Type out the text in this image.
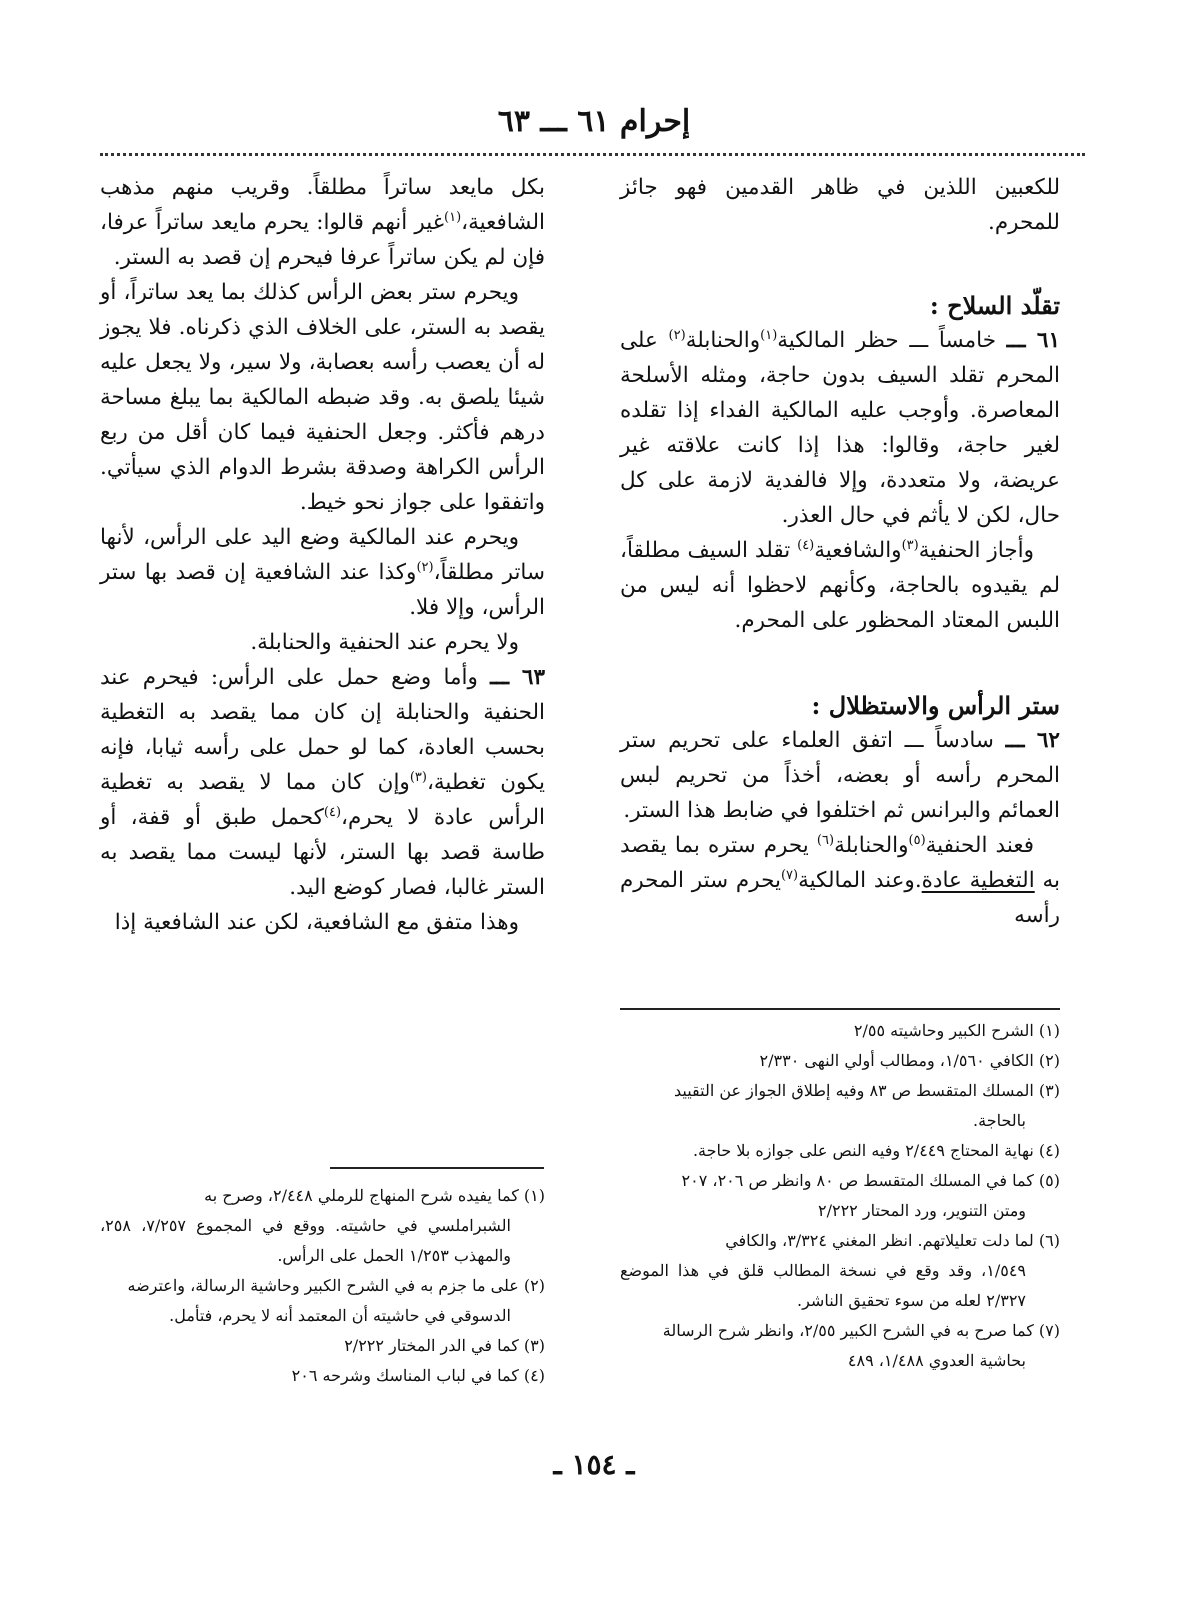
إحرام ٦١ ـــ ٦٣

للكعبين اللذين في ظاهر القدمين فهو جائز للمحرم.

تقلّد السلاح :

٦١ ـــ خامساً ـــ حظر المالكية$^{(١)}$والحنابلة$^{(٢)}$ على المحرم تقلد السيف بدون حاجة، ومثله الأسلحة المعاصرة. وأوجب عليه المالكية الفداء إذا تقلده لغير حاجة، وقالوا: هذا إذا كانت علاقته غير عريضة، ولا متعددة، وإلا فالفدية لازمة على كل حال، لكن لا يأثم في حال العذر.

وأجاز الحنفية$^{(٣)}$والشافعية$^{(٤)}$ تقلد السيف مطلقاً، لم يقيدوه بالحاجة، وكأنهم لاحظوا أنه ليس من اللبس المعتاد المحظور على المحرم.

ستر الرأس والاستظلال :

٦٢ ـــ سادساً ـــ اتفق العلماء على تحريم ستر المحرم رأسه أو بعضه، أخذاً من تحريم لبس العمائم والبرانس ثم اختلفوا في ضابط هذا الستر.

فعند الحنفية$^{(٥)}$والحنابلة$^{(٦)}$ يحرم ستره بما يقصد به التغطية عادة.وعند المالكية$^{(٧)}$يحرم ستر المحرم رأسه

بكل مايعد ساتراً مطلقاً. وقريب منهم مذهب الشافعية،$^{(١)}$غير أنهم قالوا: يحرم مايعد ساتراً عرفا، فإن لم يكن ساتراً عرفا فيحرم إن قصد به الستر.

ويحرم ستر بعض الرأس كذلك بما يعد ساتراً، أو يقصد به الستر، على الخلاف الذي ذكرناه. فلا يجوز له أن يعصب رأسه بعصابة، ولا سير، ولا يجعل عليه شيئا يلصق به. وقد ضبطه المالكية بما يبلغ مساحة درهم فأكثر. وجعل الحنفية فيما كان أقل من ربع الرأس الكراهة وصدقة بشرط الدوام الذي سيأتي. واتفقوا على جواز نحو خيط.

ويحرم عند المالكية وضع اليد على الرأس، لأنها ساتر مطلقاً،$^{(٢)}$وكذا عند الشافعية إن قصد بها ستر الرأس، وإلا فلا.

ولا يحرم عند الحنفية والحنابلة.

٦٣ ـــ وأما وضع حمل على الرأس: فيحرم عند الحنفية والحنابلة إن كان مما يقصد به التغطية بحسب العادة، كما لو حمل على رأسه ثيابا، فإنه يكون تغطية،$^{(٣)}$وإن كان مما لا يقصد به تغطية الرأس عادة لا يحرم،$^{(٤)}$كحمل طبق أو قفة، أو طاسة قصد بها الستر، لأنها ليست مما يقصد به الستر غالبا، فصار كوضع اليد.

وهذا متفق مع الشافعية، لكن عند الشافعية إذا

(١) الشرح الكبير وحاشيته ٢/٥٥

(٢) الكافي ١/٥٦٠، ومطالب أولي النهى ٢/٣٣٠

(٣) المسلك المتقسط ص ٨٣ وفيه إطلاق الجواز عن التقييد

بالحاجة.

(٤) نهاية المحتاج ٢/٤٤٩ وفيه النص على جوازه بلا حاجة.

(٥) كما في المسلك المتقسط ص ٨٠ وانظر ص ٢٠٦، ٢٠٧

ومتن التنوير، ورد المحتار ٢/٢٢٢

(٦) لما دلت تعليلاتهم. انظر المغني ٣/٣٢٤، والكافي

١/٥٤٩، وقد وقع في نسخة المطالب قلق في هذا الموضع ٢/٣٢٧ لعله من سوء تحقيق الناشر.

(٧) كما صرح به في الشرح الكبير ٢/٥٥، وانظر شرح الرسالة

بحاشية العدوي ١/٤٨٨، ٤٨٩

(١) كما يفيده شرح المنهاج للرملي ٢/٤٤٨، وصرح به

الشبراملسي في حاشيته. ووقع في المجموع ٧/٢٥٧، ٢٥٨، والمهذب ١/٢٥٣ الحمل على الرأس.

(٢) على ما جزم به في الشرح الكبير وحاشية الرسالة، واعترضه

الدسوقي في حاشيته أن المعتمد أنه لا يحرم، فتأمل.

(٣) كما في الدر المختار ٢/٢٢٢

(٤) كما في لباب المناسك وشرحه ٢٠٦

ـ ١٥٤ ـ
